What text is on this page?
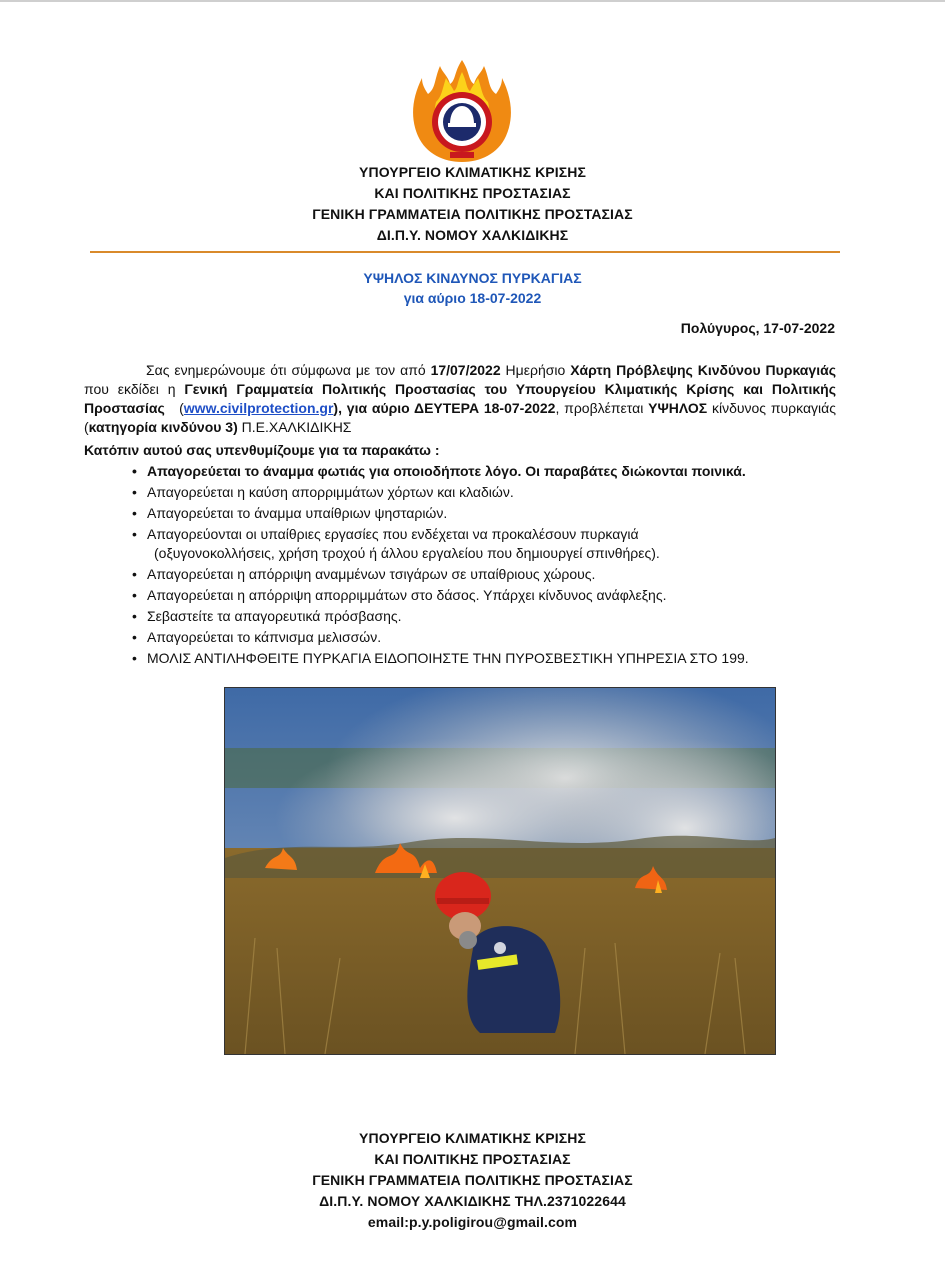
ΥΠΟΥΡΓΕΙΟ ΚΛΙΜΑΤΙΚΗΣ ΚΡΙΣΗΣ
ΚΑΙ ΠΟΛΙΤΙΚΗΣ ΠΡΟΣΤΑΣΙΑΣ
ΓΕΝΙΚΗ ΓΡΑΜΜΑΤΕΙΑ ΠΟΛΙΤΙΚΗΣ ΠΡΟΣΤΑΣΙΑΣ
ΔΙ.Π.Υ. ΝΟΜΟΥ ΧΑΛΚΙΔΙΚΗΣ
ΥΨΗΛΟΣ ΚΙΝΔΥΝΟΣ ΠΥΡΚΑΓΙΑΣ
για αύριο 18-07-2022
Πολύγυρος, 17-07-2022
Σας ενημερώνουμε ότι σύμφωνα με τον από 17/07/2022 Ημερήσιο Χάρτη Πρόβλεψης Κινδύνου Πυρκαγιάς που εκδίδει η Γενική Γραμματεία Πολιτικής Προστασίας του Υπουργείου Κλιματικής Κρίσης και Πολιτικής Προστασίας   (www.civilprotection.gr), για αύριο ΔΕΥΤΕΡΑ 18-07-2022, προβλέπεται ΥΨΗΛΟΣ κίνδυνος πυρκαγιάς (κατηγορία κινδύνου 3) Π.Ε.ΧΑΛΚΙΔΙΚΗΣ
Κατόπιν αυτού σας υπενθυμίζουμε για τα παρακάτω :
• Απαγορεύεται το άναμμα φωτιάς για οποιοδήποτε λόγο. Οι παραβάτες διώκονται ποινικά.
• Απαγορεύεται η καύση απορριμμάτων χόρτων και κλαδιών.
• Απαγορεύεται το άναμμα υπαίθριων ψησταριών.
• Απαγορεύονται οι υπαίθριες εργασίες που ενδέχεται να προκαλέσουν πυρκαγιά
(οξυγονοκολλήσεις, χρήση τροχού ή άλλου εργαλείου που δημιουργεί σπινθήρες).
• Απαγορεύεται η απόρριψη αναμμένων τσιγάρων σε υπαίθριους χώρους.
• Απαγορεύεται η απόρριψη απορριμμάτων στο δάσος. Υπάρχει κίνδυνος ανάφλεξης.
• Σεβαστείτε τα απαγορευτικά πρόσβασης.
• Απαγορεύεται το κάπνισμα μελισσών.
• ΜΟΛΙΣ ΑΝΤΙΛΗΦΘΕΙΤΕ ΠΥΡΚΑΓΙΑ ΕΙΔΟΠΟΙΗΣΤΕ ΤΗΝ ΠΥΡΟΣΒΕΣΤΙΚΗ ΥΠΗΡΕΣΙΑ ΣΤΟ 199.
ΥΠΟΥΡΓΕΙΟ ΚΛΙΜΑΤΙΚΗΣ ΚΡΙΣΗΣ
ΚΑΙ ΠΟΛΙΤΙΚΗΣ ΠΡΟΣΤΑΣΙΑΣ
ΓΕΝΙΚΗ ΓΡΑΜΜΑΤΕΙΑ ΠΟΛΙΤΙΚΗΣ ΠΡΟΣΤΑΣΙΑΣ
ΔΙ.Π.Υ. ΝΟΜΟΥ ΧΑΛΚΙΔΙΚΗΣ ΤΗΛ.2371022644
email:p.y.poligirou@gmail.com
